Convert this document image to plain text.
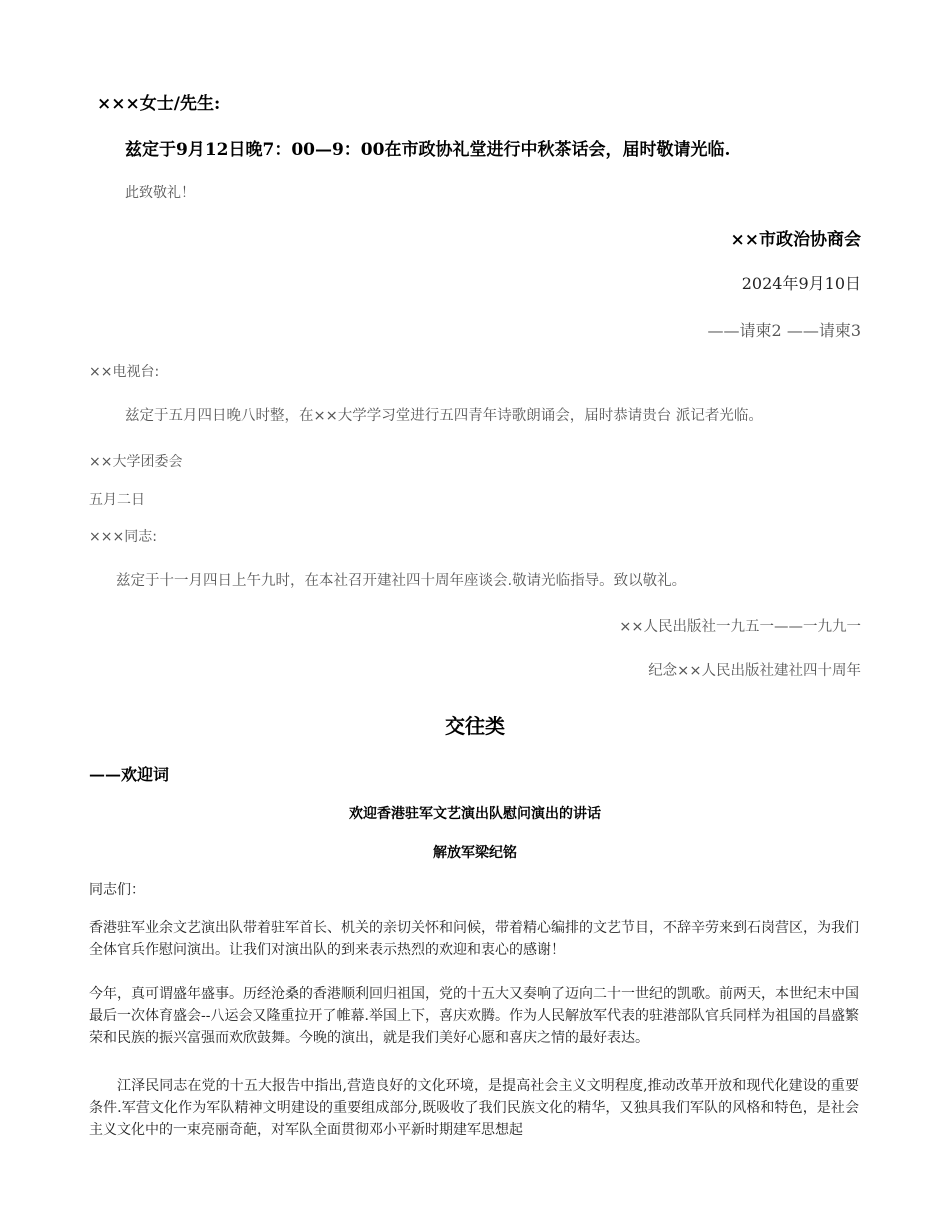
×××女士/先生:

兹定于9月12日晚7：00—9：00在市政协礼堂进行中秋茶话会，届时敬请光临.

此致敬礼！

××市政治协商会

2024年9月10日

——请柬2 ——请柬3

××电视台:

兹定于五月四日晚八时整，在××大学学习堂进行五四青年诗歌朗诵会，届时恭请贵台 派记者光临。

××大学团委会

五月二日

×××同志:

兹定于十一月四日上午九时，在本社召开建社四十周年座谈会.敬请光临指导。致以敬礼。

××人民出版社一九五一——一九九一

纪念××人民出版社建社四十周年

交往类

——欢迎词

欢迎香港驻军文艺演出队慰问演出的讲话

解放军梁纪铭

同志们：

香港驻军业余文艺演出队带着驻军首长、机关的亲切关怀和问候，带着精心编排的文艺节目，不辞辛劳来到石岗营区，为我们全体官兵作慰问演出。让我们对演出队的到来表示热烈的欢迎和衷心的感谢！

今年，真可谓盛年盛事。历经沧桑的香港顺利回归祖国，党的十五大又奏响了迈向二十一世纪的凯歌。前两天，本世纪末中国最后一次体育盛会--八运会又隆重拉开了帷幕.举国上下，喜庆欢腾。作为人民解放军代表的驻港部队官兵同样为祖国的昌盛繁荣和民族的振兴富强而欢欣鼓舞。今晚的演出，就是我们美好心愿和喜庆之情的最好表达。

江泽民同志在党的十五大报告中指出,营造良好的文化环境，是提高社会主义文明程度,推动改革开放和现代化建设的重要条件.军营文化作为军队精神文明建设的重要组成部分,既吸收了我们民族文化的精华，又独具我们军队的风格和特色，是社会主义文化中的一束亮丽奇葩，对军队全面贯彻邓小平新时期建军思想起
